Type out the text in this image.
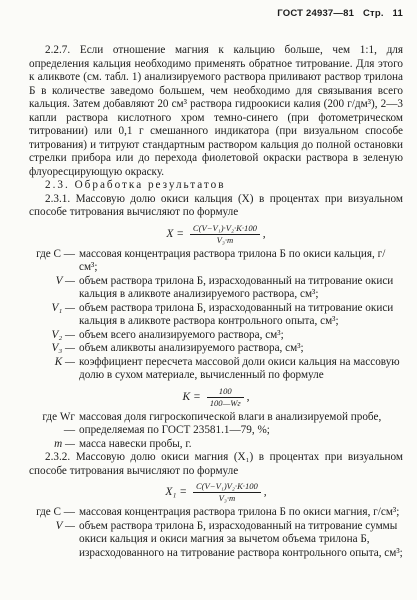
ГОСТ 24937—81 Стр. 11

2.2.7. Если отношение магния к кальцию больше, чем 1:1, для определения кальция необходимо применять обратное титрование. Для этого к аликвоте (см. табл. 1) анализируемого раствора приливают раствор трилона Б в количестве заведомо большем, чем необходимо для связывания всего кальция. Затем добавляют 20 см³ раствора гидроокиси калия (200 г/дм³), 2—3 капли раствора кислотного хром темно-синего (при фотометрическом титровании) или 0,1 г смешанного индикатора (при визуальном способе титрования) и титруют стандартным раствором кальция до полной остановки стрелки прибора или до перехода фиолетовой окраски раствора в зеленую флуоресцирующую окраску.

2.3. Обработка результатов

2.3.1. Массовую долю окиси кальция (X) в процентах при визуальном способе титрования вычисляют по формуле

$X = \frac{\text{C(V−V₁)·V₂·K·100}}{\text{V₃·m}}$ ,
где C — массовая концентрация раствора трилона Б по окиси кальция, г/см³;
V — объем раствора трилона Б, израсходованный на титрование окиси кальция в аликвоте анализируемого раствора, см³;
V₁ — объем раствора трилона Б, израсходованный на титрование окиси кальция в аликвоте раствора контрольного опыта, см³;
V₂ — объем всего анализируемого раствора, см³;
V₃ — объем аликвоты анализируемого раствора, см³;
K — коэффициент пересчета массовой доли окиси кальция на массовую долю в сухом материале, вычисленный по формуле
$K = \frac{100}{100—Wг}$ ,
где Wг —
массовая доля гигроскопической влаги в анализируемой пробе, определяемая по ГОСТ 23581.1—79, %;
m — масса навески пробы, г.

2.3.2. Массовую долю окиси магния (X₁) в процентах при визуальном способе титрования вычисляют по формуле

$X_1 = \frac{\text{C(V−V₁)V₂·K·100}}{\text{V₃·m}}$ ,
где C — массовая концентрация раствора трилона Б по окиси магния, г/см³;
V — объем раствора трилона Б, израсходованный на титрование суммы окиси кальция и окиси магния за вычетом объема трилона Б, израсходованного на титрование раствора контрольного опыта, см³;
